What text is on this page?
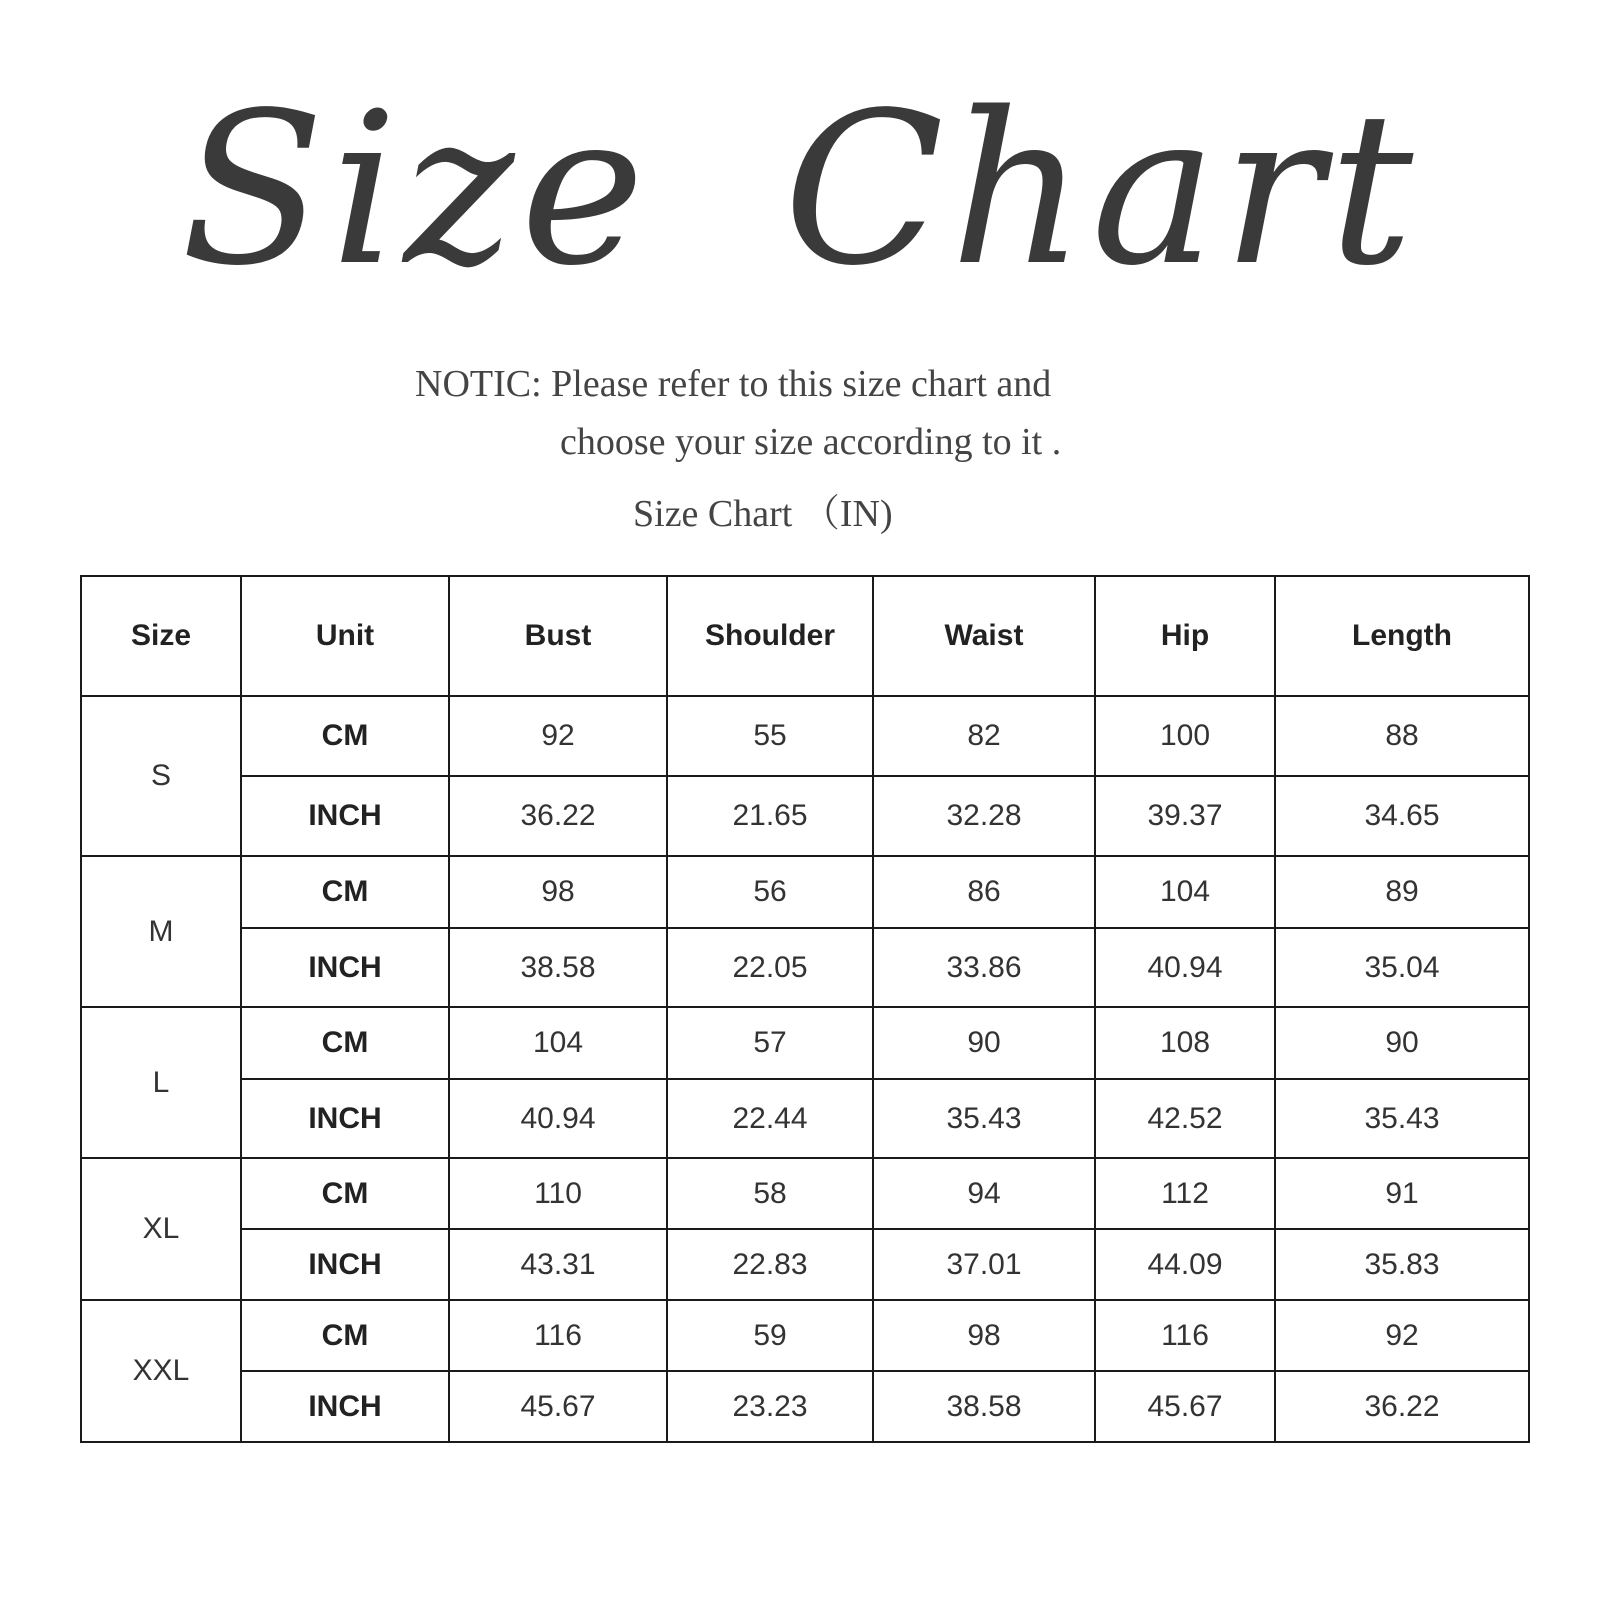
Size Chart
NOTIC: Please refer to this size chart and
choose your size according to it .
Size Chart （IN)
Size	Unit	Bust	Shoulder	Waist	Hip	Length
S	CM	92	55	82	100	88
	INCH	36.22	21.65	32.28	39.37	34.65
M	CM	98	56	86	104	89
	INCH	38.58	22.05	33.86	40.94	35.04
L	CM	104	57	90	108	90
	INCH	40.94	22.44	35.43	42.52	35.43
XL	CM	110	58	94	112	91
	INCH	43.31	22.83	37.01	44.09	35.83
XXL	CM	116	59	98	116	92
	INCH	45.67	23.23	38.58	45.67	36.22
